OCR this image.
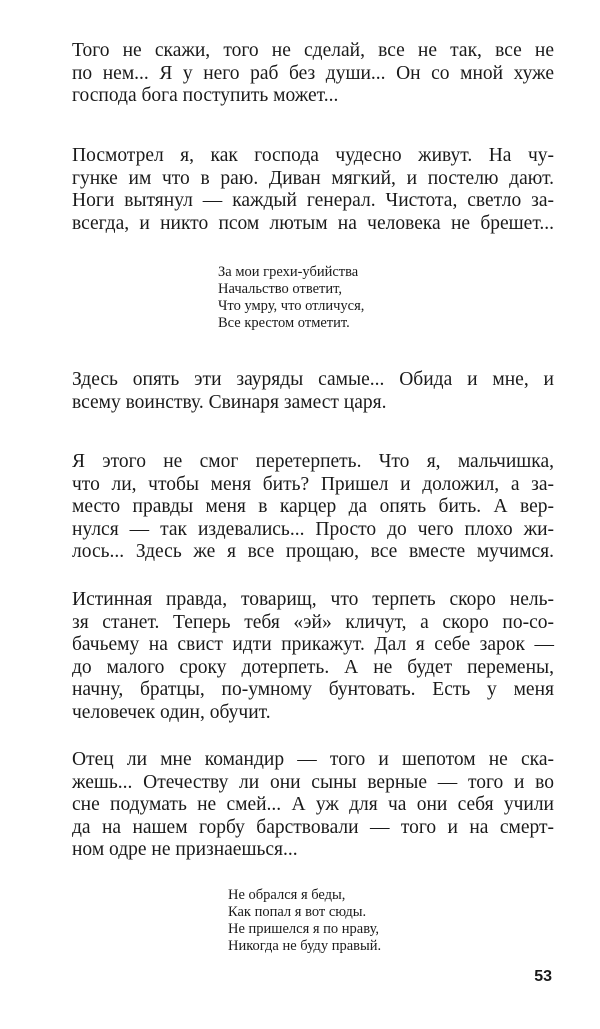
Того не скажи, того не сделай, все не так, все не
по нем... Я у него раб без души... Он со мной хуже
господа бога поступить может...
Посмотрел я, как господа чудесно живут. На чу-
гунке им что в раю. Диван мягкий, и постелю дают.
Ноги вытянул — каждый генерал. Чистота, светло за-
всегда, и никто псом лютым на человека не брешет...
За мои грехи-убийства
Начальство ответит,
Что умру, что отличуся,
Все крестом отметит.
Здесь опять эти зауряды самые... Обида и мне, и
всему воинству. Свинаря замест царя.
Я этого не смог перетерпеть. Что я, мальчишка,
что ли, чтобы меня бить? Пришел и доложил, а за-
место правды меня в карцер да опять бить. А вер-
нулся — так издевались... Просто до чего плохо жи-
лось... Здесь же я все прощаю, все вместе мучимся.
Истинная правда, товарищ, что терпеть скоро нель-
зя станет. Теперь тебя «эй» кличут, а скоро по-со-
бачьему на свист идти прикажут. Дал я себе зарок —
до малого сроку дотерпеть. А не будет перемены,
начну, братцы, по-умному бунтовать. Есть у меня
человечек один, обучит.
Отец ли мне командир — того и шепотом не ска-
жешь... Отечеству ли они сыны верные — того и во
сне подумать не смей... А уж для ча они себя учили
да на нашем горбу барствовали — того и на смерт-
ном одре не признаешься...
Не обрался я беды,
Как попал я вот сюды.
Не пришелся я по нраву,
Никогда не буду правый.
53
